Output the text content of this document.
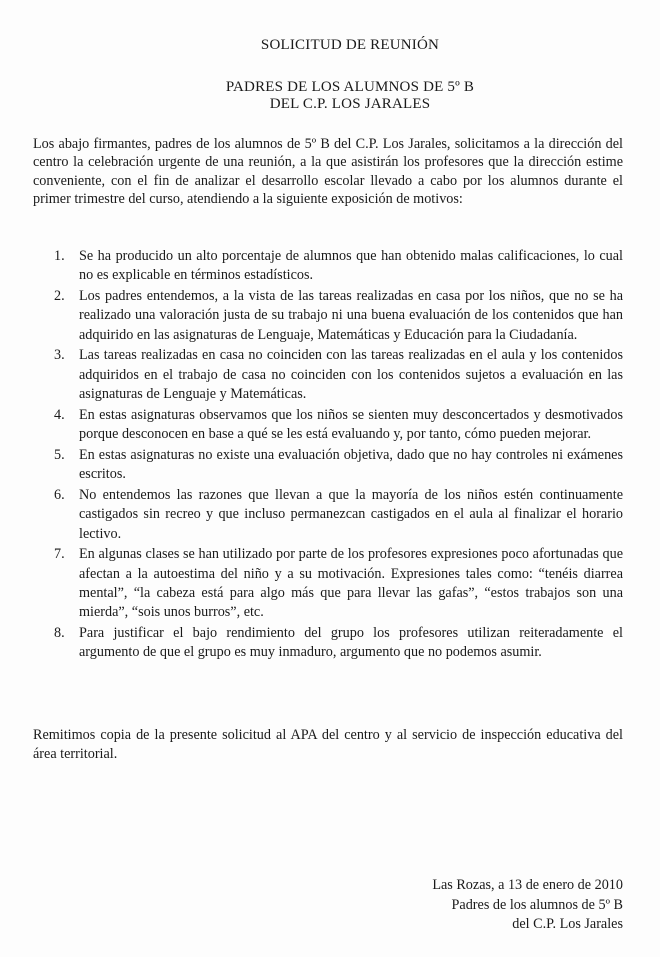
SOLICITUD DE REUNIÓN
PADRES DE LOS ALUMNOS DE 5º B
DEL C.P. LOS JARALES
Los abajo firmantes, padres de los alumnos de 5º B del C.P. Los Jarales, solicitamos a la dirección del centro la celebración urgente de una reunión, a la que asistirán los profesores que la dirección estime conveniente, con el fin de analizar el desarrollo escolar llevado a cabo por los alumnos durante el primer trimestre del curso, atendiendo a la siguiente exposición de motivos:
1. Se ha producido un alto porcentaje de alumnos que han obtenido malas calificaciones, lo cual no es explicable en términos estadísticos.
2. Los padres entendemos, a la vista de las tareas realizadas en casa por los niños, que no se ha realizado una valoración justa de su trabajo ni una buena evaluación de los contenidos que han adquirido en las asignaturas de Lenguaje, Matemáticas y Educación para la Ciudadanía.
3. Las tareas realizadas en casa no coinciden con las tareas realizadas en el aula y los contenidos adquiridos en el trabajo de casa no coinciden con los contenidos sujetos a evaluación en las asignaturas de Lenguaje y Matemáticas.
4. En estas asignaturas observamos que los niños se sienten muy desconcertados y desmotivados porque desconocen en base a qué se les está evaluando y, por tanto, cómo pueden mejorar.
5. En estas asignaturas no existe una evaluación objetiva, dado que no hay controles ni exámenes escritos.
6. No entendemos las razones que llevan a que la mayoría de los niños estén continuamente castigados sin recreo y que incluso permanezcan castigados en el aula al finalizar el horario lectivo.
7. En algunas clases se han utilizado por parte de los profesores expresiones poco afortunadas que afectan a la autoestima del niño y a su motivación. Expresiones tales como: “tenéis diarrea mental”, “la cabeza está para algo más que para llevar las gafas”, “estos trabajos son una mierda”, “sois unos burros”, etc.
8. Para justificar el bajo rendimiento del grupo los profesores utilizan reiteradamente el argumento de que el grupo es muy inmaduro, argumento que no podemos asumir.
Remitimos copia de la presente solicitud al APA del centro y al servicio de inspección educativa del área territorial.
Las Rozas, a 13 de enero de 2010
Padres de los alumnos de 5º B
del C.P. Los Jarales
